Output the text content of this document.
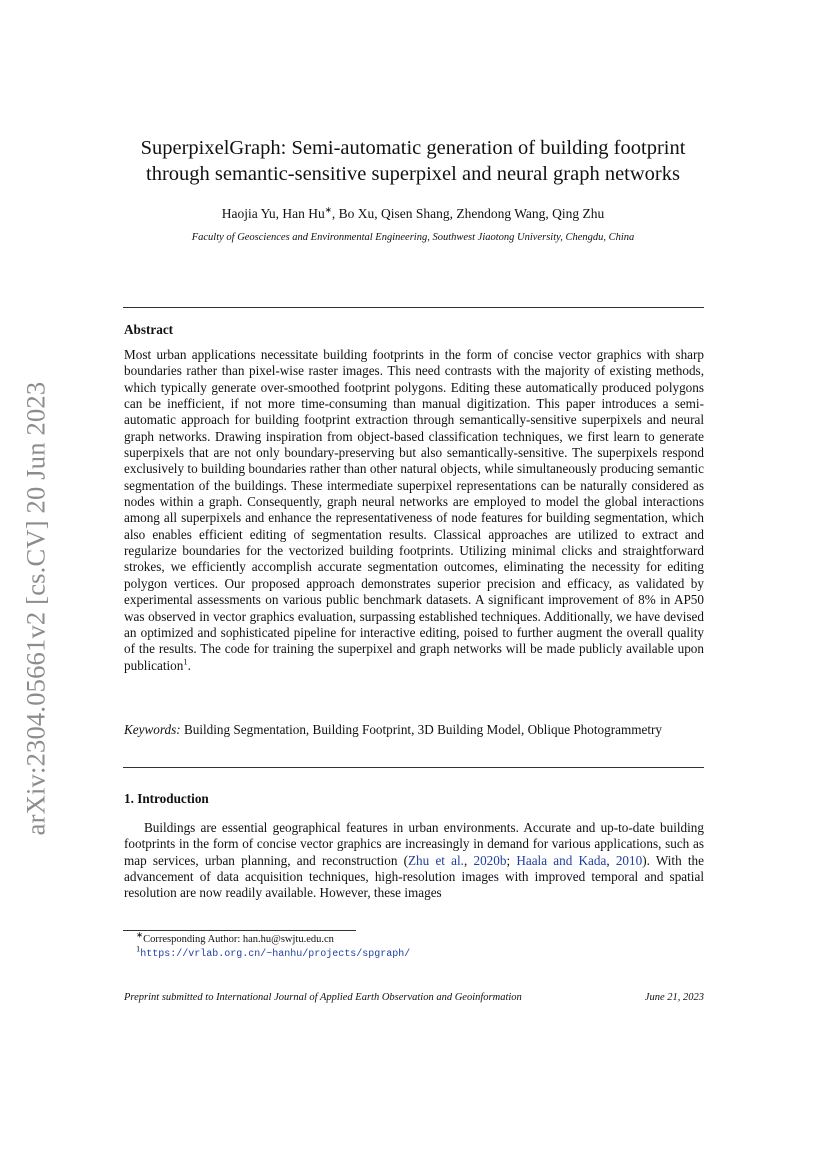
arXiv:2304.05661v2 [cs.CV] 20 Jun 2023
SuperpixelGraph: Semi-automatic generation of building footprint
through semantic-sensitive superpixel and neural graph networks
Haojia Yu, Han Hu∗, Bo Xu, Qisen Shang, Zhendong Wang, Qing Zhu
Faculty of Geosciences and Environmental Engineering, Southwest Jiaotong University, Chengdu, China
Abstract
Most urban applications necessitate building footprints in the form of concise vector graphics with sharp boundaries rather than pixel-wise raster images. This need contrasts with the majority of existing methods, which typically generate over-smoothed footprint polygons. Editing these automatically produced polygons can be inefficient, if not more time-consuming than manual digitization. This paper introduces a semi-automatic approach for building footprint extraction through semantically-sensitive superpixels and neural graph networks. Drawing inspiration from object-based classification techniques, we first learn to generate superpixels that are not only boundary-preserving but also semantically-sensitive. The superpixels respond exclusively to building boundaries rather than other natural objects, while simultaneously producing semantic segmentation of the buildings. These intermediate superpixel representations can be naturally considered as nodes within a graph. Consequently, graph neural networks are employed to model the global interactions among all superpixels and enhance the representativeness of node features for building segmentation, which also enables efficient editing of segmentation results. Classical approaches are utilized to extract and regularize boundaries for the vectorized building footprints. Utilizing minimal clicks and straightforward strokes, we efficiently accomplish accurate segmentation outcomes, eliminating the necessity for editing polygon vertices. Our proposed approach demonstrates superior precision and efficacy, as validated by experimental assessments on various public benchmark datasets. A significant improvement of 8% in AP50 was observed in vector graphics evaluation, surpassing established techniques. Additionally, we have devised an optimized and sophisticated pipeline for interactive editing, poised to further augment the overall quality of the results. The code for training the superpixel and graph networks will be made publicly available upon publication$^1$.
Keywords: Building Segmentation, Building Footprint, 3D Building Model, Oblique Photogrammetry
1. Introduction
Buildings are essential geographical features in urban environments. Accurate and up-to-date building footprints in the form of concise vector graphics are increasingly in demand for various applications, such as map services, urban planning, and reconstruction (Zhu et al., 2020b; Haala and Kada, 2010). With the advancement of data acquisition techniques, high-resolution images with improved temporal and spatial resolution are now readily available. However, these images
∗Corresponding Author: han.hu@swjtu.edu.cn
$^1$https://vrlab.org.cn/~hanhu/projects/spgraph/
Preprint submitted to International Journal of Applied Earth Observation and Geoinformation	June 21, 2023
